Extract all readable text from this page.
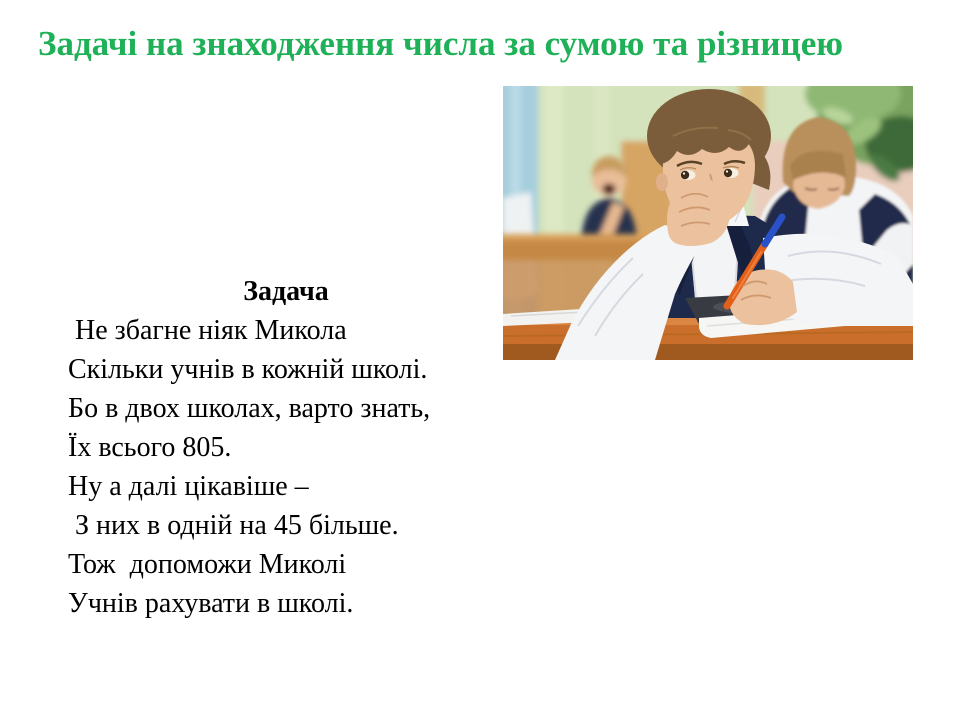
Задачі на знаходження числа за сумою та різницею
Задача
Не збагне ніяк Микола
Скільки учнів в кожній школі.
Бо в двох школах, варто знать,
Їх всього 805.
Ну а далі цікавіше –
З них в одній на 45 більше.
Тож  допоможи Миколі
Учнів рахувати в школі.
